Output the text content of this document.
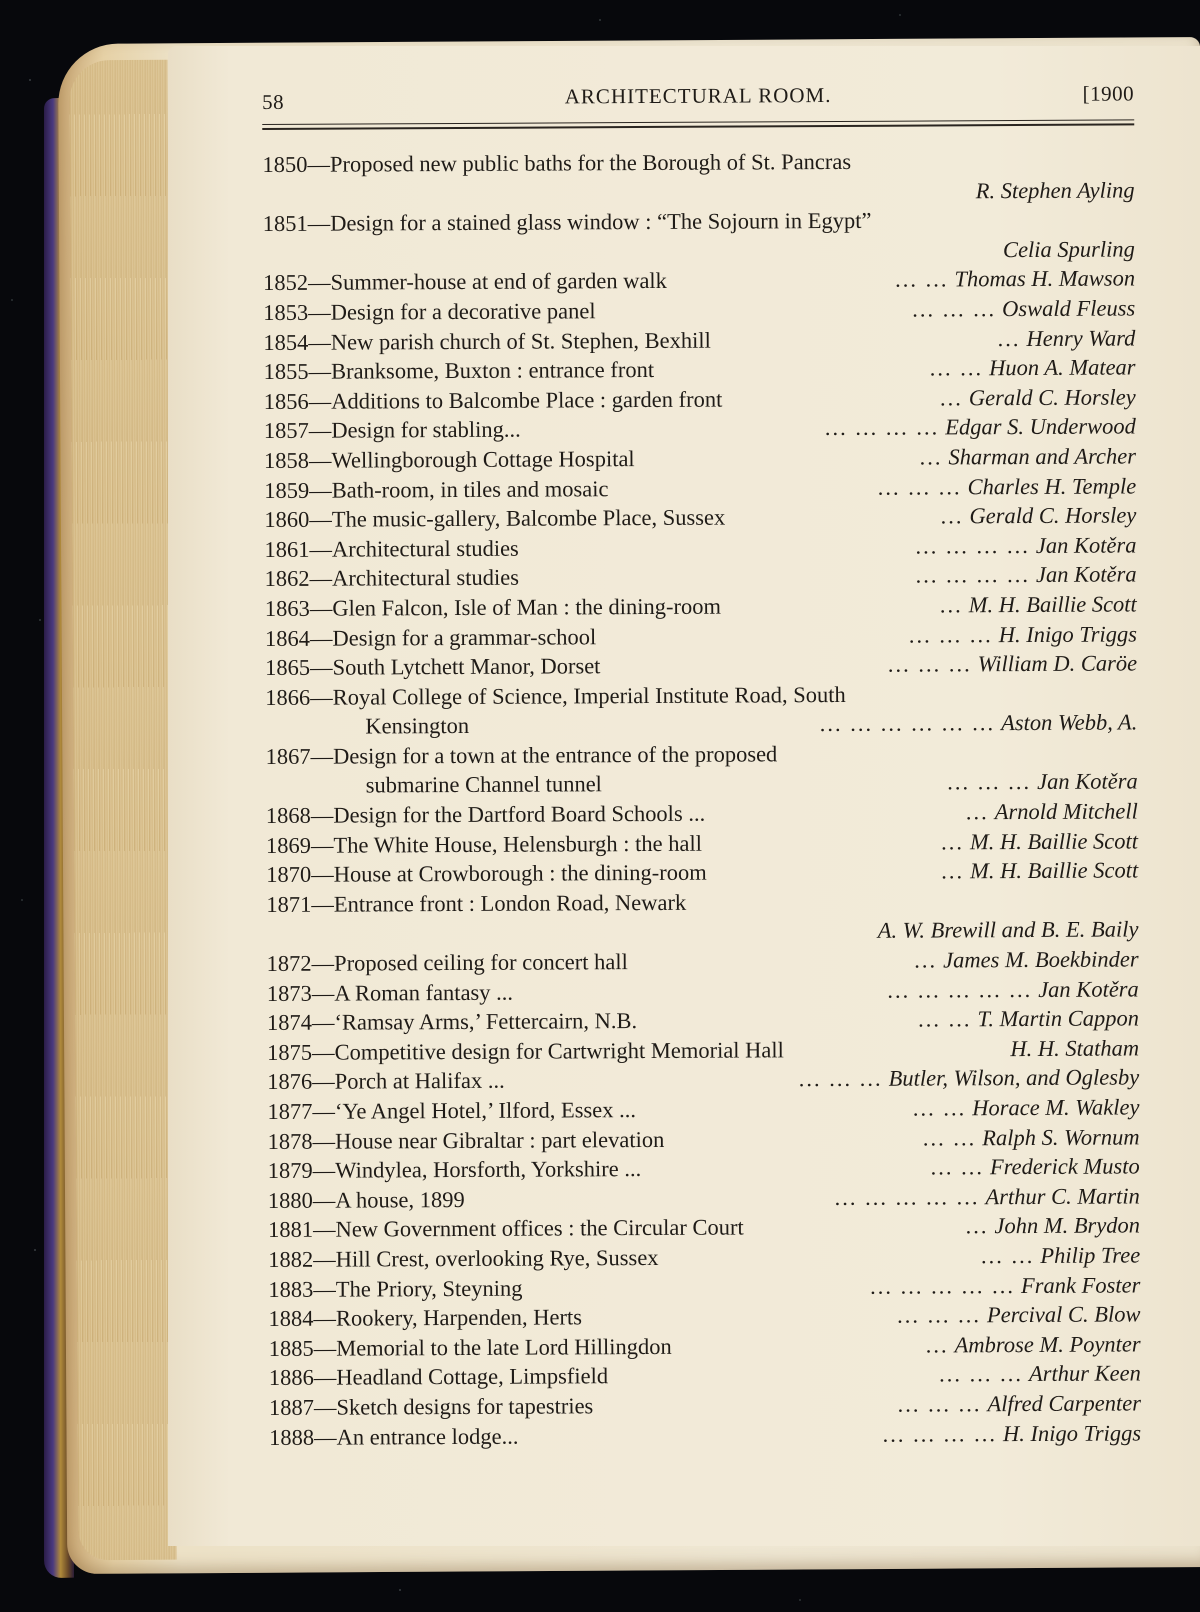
58	ARCHITECTURAL ROOM.	[1900
1850—Proposed new public baths for the Borough of St. Pancras
R. Stephen Ayling
1851—Design for a stained glass window : “The Sojourn in Egypt”
Celia Spurling
1852—Summer-house at end of garden walk	... ... Thomas H. Mawson
1853—Design for a decorative panel	... ... ... Oswald Fleuss
1854—New parish church of St. Stephen, Bexhill	... Henry Ward
1855—Branksome, Buxton : entrance front	... ... Huon A. Matear
1856—Additions to Balcombe Place : garden front	... Gerald C. Horsley
1857—Design for stabling...	... ... ... ... Edgar S. Underwood
1858—Wellingborough Cottage Hospital	... Sharman and Archer
1859—Bath-room, in tiles and mosaic	... ... ... Charles H. Temple
1860—The music-gallery, Balcombe Place, Sussex	... Gerald C. Horsley
1861—Architectural studies	... ... ... ... Jan Kotěra
1862—Architectural studies	... ... ... ... Jan Kotěra
1863—Glen Falcon, Isle of Man : the dining-room	... M. H. Baillie Scott
1864—Design for a grammar-school	... ... ... H. Inigo Triggs
1865—South Lytchett Manor, Dorset	... ... ... William D. Caröe
1866—Royal College of Science, Imperial Institute Road, South
Kensington	... ... ... ... ... ... Aston Webb, A.
1867—Design for a town at the entrance of the proposed
submarine Channel tunnel	... ... ... Jan Kotěra
1868—Design for the Dartford Board Schools ...	... Arnold Mitchell
1869—The White House, Helensburgh : the hall	... M. H. Baillie Scott
1870—House at Crowborough : the dining-room	... M. H. Baillie Scott
1871—Entrance front : London Road, Newark
A. W. Brewill and B. E. Baily
1872—Proposed ceiling for concert hall	... James M. Boekbinder
1873—A Roman fantasy ...	... ... ... ... ... Jan Kotěra
1874—‘Ramsay Arms,’ Fettercairn, N.B.	... ... T. Martin Cappon
1875—Competitive design for Cartwright Memorial Hall	H. H. Statham
1876—Porch at Halifax ...	... ... ... Butler, Wilson, and Oglesby
1877—‘Ye Angel Hotel,’ Ilford, Essex ...	... ... Horace M. Wakley
1878—House near Gibraltar : part elevation	... ... Ralph S. Wornum
1879—Windylea, Horsforth, Yorkshire ...	... ... Frederick Musto
1880—A house, 1899	... ... ... ... ... Arthur C. Martin
1881—New Government offices : the Circular Court	... John M. Brydon
1882—Hill Crest, overlooking Rye, Sussex	... ... Philip Tree
1883—The Priory, Steyning	... ... ... ... ... Frank Foster
1884—Rookery, Harpenden, Herts	... ... ... Percival C. Blow
1885—Memorial to the late Lord Hillingdon	... Ambrose M. Poynter
1886—Headland Cottage, Limpsfield	... ... ... Arthur Keen
1887—Sketch designs for tapestries	... ... ... Alfred Carpenter
1888—An entrance lodge...	... ... ... ... H. Inigo Triggs
